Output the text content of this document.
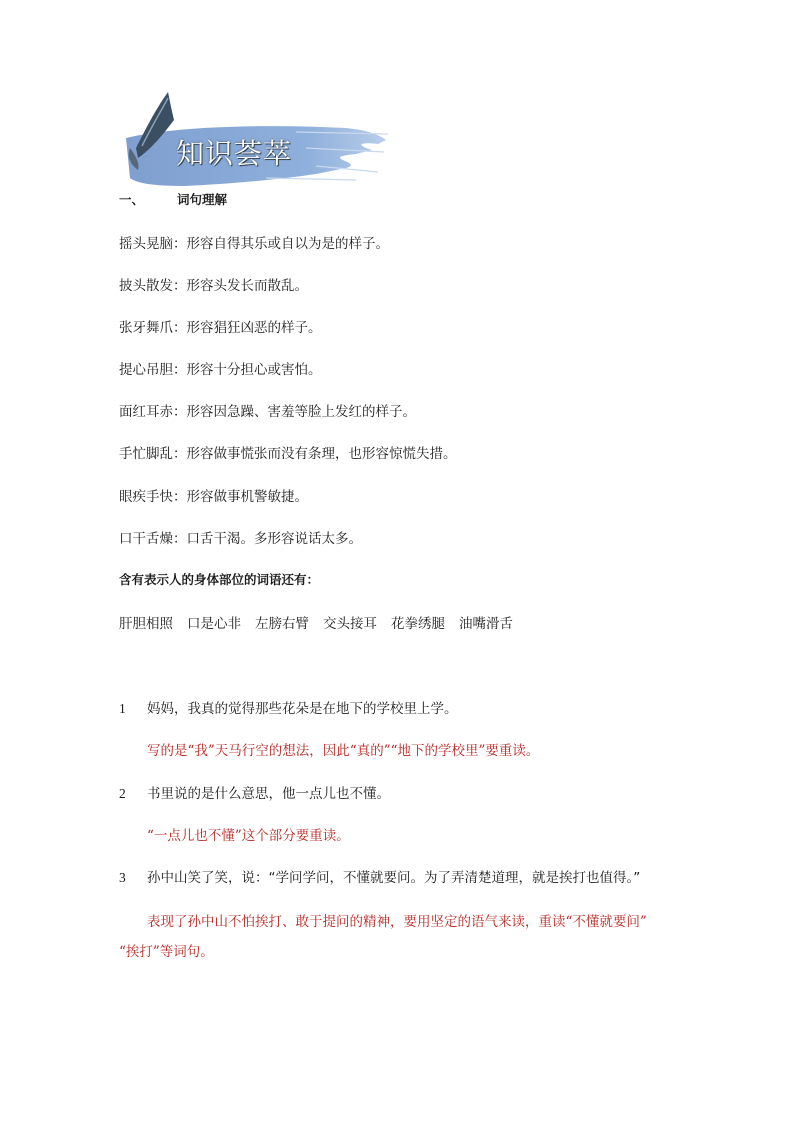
知识荟萃
一、	词句理解
摇头晃脑：形容自得其乐或自以为是的样子。
披头散发：形容头发长而散乱。
张牙舞爪：形容猖狂凶恶的样子。
提心吊胆：形容十分担心或害怕。
面红耳赤：形容因急躁、害羞等脸上发红的样子。
手忙脚乱：形容做事慌张而没有条理，也形容惊慌失措。
眼疾手快：形容做事机警敏捷。
口干舌燥：口舌干渴。多形容说话太多。
含有表示人的身体部位的词语还有：
肝胆相照 口是心非 左膀右臂 交头接耳 花拳绣腿 油嘴滑舌
1 妈妈，我真的觉得那些花朵是在地下的学校里上学。
写的是“我”天马行空的想法，因此“真的”“地下的学校里”要重读。
2 书里说的是什么意思，他一点儿也不懂。
“一点儿也不懂”这个部分要重读。
3 孙中山笑了笑，说：“学问学问，不懂就要问。为了弄清楚道理，就是挨打也值得。”
表现了孙中山不怕挨打、敢于提问的精神，要用坚定的语气来读，重读“不懂就要问”
“挨打”等词句。
